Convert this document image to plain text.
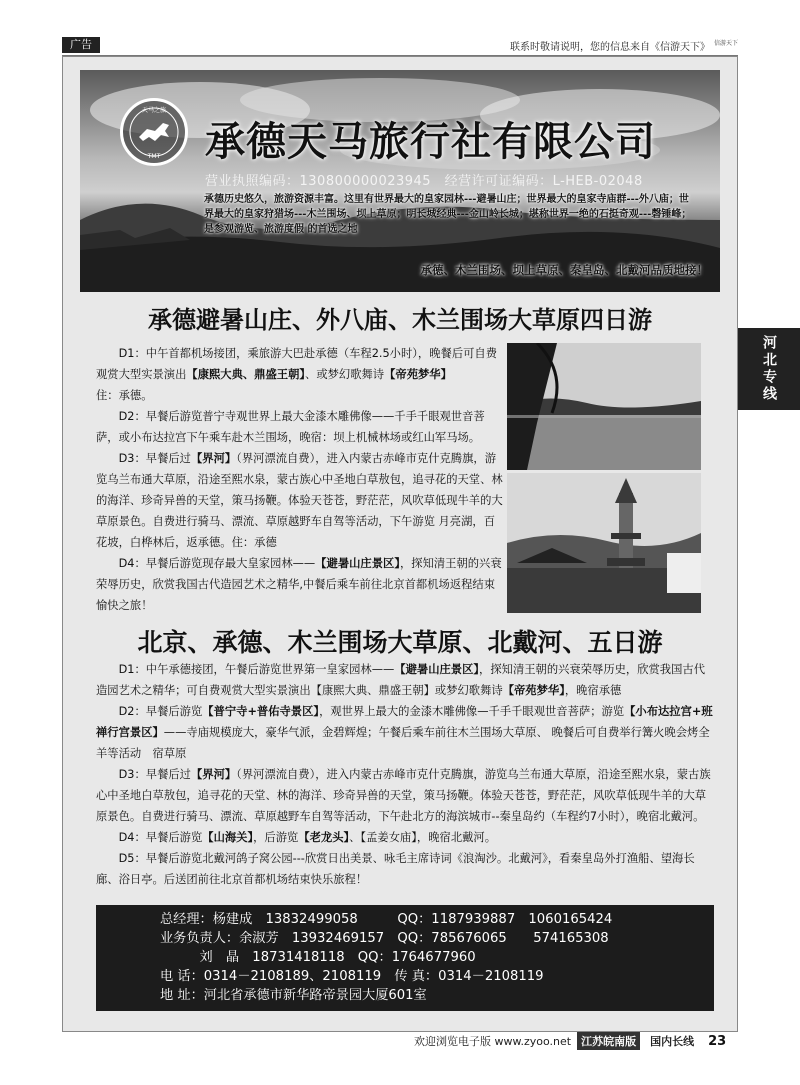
广告	联系时敬请说明，您的信息来自《信游天下》 信游天下
天马之旅
TMT 承德天马旅行社有限公司
营业执照编码：130800000023945　经营许可证编码：L-HEB-02048
承德历史悠久，旅游资源丰富。这里有世界最大的皇家园林---避暑山庄；世界最大的皇家寺庙群---外八庙；世界最大的皇家狩猎场---木兰围场、坝上草原；明长城经典---金山岭长城；堪称世界一绝的石挺奇观---磬锤峰；是参观游览、旅游度假 的首选之地
承德、木兰围场、坝上草原、秦皇岛、北戴河品质地接！
河北专线
承德避暑山庄、外八庙、木兰围场大草原四日游

D1：中午首都机场接团，乘旅游大巴赴承德（车程2.5小时），晚餐后可自费观赏大型实景演出【康熙大典、鼎盛王朝】、或梦幻歌舞诗【帝苑梦华】
住：承德。

D2：早餐后游览普宁寺观世界上最大金漆木雕佛像——千手千眼观世音菩萨，或小布达拉宫下午乘车赴木兰围场，晚宿：坝上机械林场或红山军马场。

D3：早餐后过【界河】（界河漂流自费），进入内蒙古赤峰市克什克腾旗，游览乌兰布通大草原，沿途至熙水泉，蒙古族心中圣地白草敖包，追寻花的天堂、林的海洋、珍奇异兽的天堂，策马扬鞭。体验天苍苍，野茫茫，风吹草低现牛羊的大草原景色。自费进行骑马、漂流、草原越野车自驾等活动，下午游览 月亮湖，百花坡，白桦林后，返承德。住：承德

D4：早餐后游览现存最大皇家园林——【避暑山庄景区】，探知清王朝的兴衰荣辱历史，欣赏我国古代造园艺术之精华,中餐后乘车前往北京首都机场返程结束愉快之旅！

北京、承德、木兰围场大草原、北戴河、五日游

D1：中午承德接团，午餐后游览世界第一皇家园林——【避暑山庄景区】，探知清王朝的兴衰荣辱历史，欣赏我国古代造园艺术之精华；可自费观赏大型实景演出【康熙大典、鼎盛王朝】或梦幻歌舞诗【帝苑梦华】，晚宿承德

D2：早餐后游览【普宁寺+普佑寺景区】，观世界上最大的金漆木雕佛像—千手千眼观世音菩萨；游览【小布达拉宫+班禅行宫景区】——寺庙规模庞大，豪华气派，金碧辉煌；午餐后乘车前往木兰围场大草原、 晚餐后可自费举行篝火晚会烤全羊等活动　宿草原

D3：早餐后过【界河】（界河漂流自费），进入内蒙古赤峰市克什克腾旗，游览乌兰布通大草原，沿途至熙水泉，蒙古族心中圣地白草敖包，追寻花的天堂、林的海洋、珍奇异兽的天堂，策马扬鞭。体验天苍苍，野茫茫，风吹草低现牛羊的大草原景色。自费进行骑马、漂流、草原越野车自驾等活动，下午赴北方的海滨城市--秦皇岛约（车程约7小时），晚宿北戴河。

D4：早餐后游览【山海关】，后游览【老龙头】、【孟姜女庙】，晚宿北戴河。

D5：早餐后游览北戴河鸽子窝公园---欣赏日出美景、咏毛主席诗词《浪淘沙。北戴河》，看秦皇岛外打渔船、望海长廊、浴日亭。后送团前往北京首都机场结束快乐旅程！

总经理：杨建成　13832499058　　　QQ：1187939887　1060165424
业务负责人：余淑芳　13932469157　QQ：785676065　　574165308
　　　刘　晶　18731418118　QQ：1764677960
电 话：0314－2108189、2108119　传 真：0314－2108119
地 址：河北省承德市新华路帝景园大厦601室
欢迎浏览电子版 www.zyoo.net 江苏皖南版	国内长线	23
